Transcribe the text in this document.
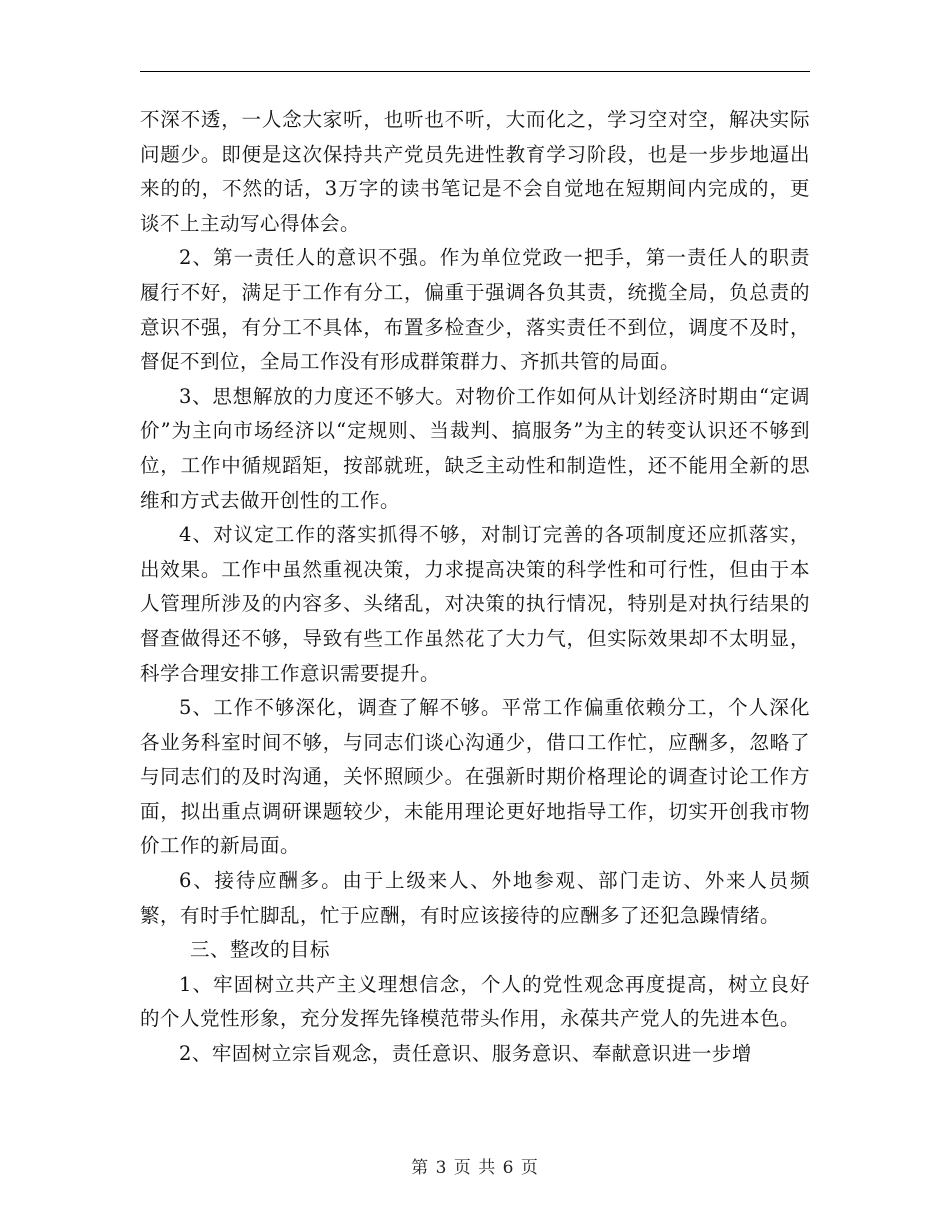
不深不透，一人念大家听，也听也不听，大而化之，学习空对空，解决实际问题少。即便是这次保持共产党员先进性教育学习阶段，也是一步步地逼出来的的，不然的话，3万字的读书笔记是不会自觉地在短期间内完成的，更谈不上主动写心得体会。

2、第一责任人的意识不强。作为单位党政一把手，第一责任人的职责履行不好，满足于工作有分工，偏重于强调各负其责，统揽全局，负总责的意识不强，有分工不具体，布置多检查少，落实责任不到位，调度不及时，督促不到位，全局工作没有形成群策群力、齐抓共管的局面。

3、思想解放的力度还不够大。对物价工作如何从计划经济时期由“定调价”为主向市场经济以“定规则、当裁判、搞服务”为主的转变认识还不够到位，工作中循规蹈矩，按部就班，缺乏主动性和制造性，还不能用全新的思维和方式去做开创性的工作。

4、对议定工作的落实抓得不够，对制订完善的各项制度还应抓落实，出效果。工作中虽然重视决策，力求提高决策的科学性和可行性，但由于本人管理所涉及的内容多、头绪乱，对决策的执行情况，特别是对执行结果的督查做得还不够，导致有些工作虽然花了大力气，但实际效果却不太明显，科学合理安排工作意识需要提升。

5、工作不够深化，调查了解不够。平常工作偏重依赖分工，个人深化各业务科室时间不够，与同志们谈心沟通少，借口工作忙，应酬多，忽略了与同志们的及时沟通，关怀照顾少。在强新时期价格理论的调查讨论工作方面，拟出重点调研课题较少，未能用理论更好地指导工作，切实开创我市物价工作的新局面。

6、接待应酬多。由于上级来人、外地参观、部门走访、外来人员频繁，有时手忙脚乱，忙于应酬，有时应该接待的应酬多了还犯急躁情绪。

三、整改的目标

1、牢固树立共产主义理想信念，个人的党性观念再度提高，树立良好的个人党性形象，充分发挥先锋模范带头作用，永葆共产党人的先进本色。

2、牢固树立宗旨观念，责任意识、服务意识、奉献意识进一步增

第 3 页 共 6 页
